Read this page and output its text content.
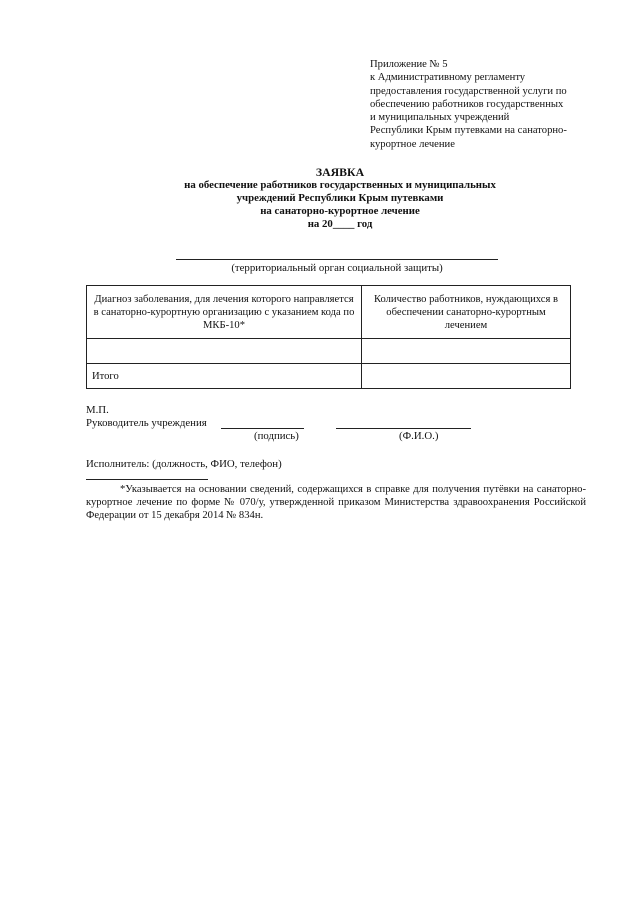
Приложение № 5
к Административному регламенту
предоставления государственной услуги по
обеспечению работников государственных
и муниципальных учреждений
Республики Крым путевками на санаторно-
курортное лечение
ЗАЯВКА
на обеспечение работников государственных и муниципальных
учреждений Республики Крым путевками
на санаторно-курортное лечение
на 20____ год
(территориальный орган социальной защиты)
Диагноз заболевания, для лечения которого направляется в санаторно-курортную организацию с указанием кода по МКБ-10*	Количество работников, нуждающихся в обеспечении санаторно-курортным лечением

Итого	
М.П.
Руководитель учреждения
(подпись)	(Ф.И.О.)
Исполнитель: (должность, ФИО, телефон)
*Указывается на основании сведений, содержащихся в справке для получения путёвки на санаторно-курортное лечение по форме № 070/у, утвержденной приказом Министерства здравоохранения Российской Федерации от 15 декабря 2014 № 834н.
